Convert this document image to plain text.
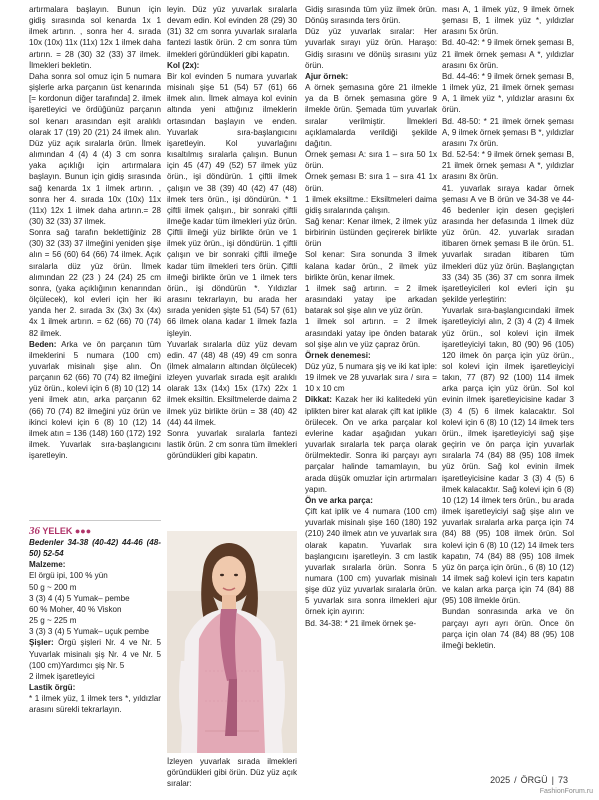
artırmalara başlayın. Bunun için gidiş sırasında sol kenarda 1x 1 ilmek artırın. , sonra her 4. sırada 10x (10x) 11x (11x) 12x 1 ilmek daha artırın. = 28 (30) 32 (33) 37 ilmek. İlmekleri bekletin.

Daha sonra sol omuz için 5 numara şişlerle arka parçanın üst kenarında [= kordonun diğer tarafında] 2. ilmek işaretleyici ve ördüğünüz parçanın sol kenarı arasından eşit aralıklı olarak 17 (19) 20 (21) 24 ilmek alın. Düz yüz açık sıralarla örün. İlmek alımından 4 (4) 4 (4) 3 cm sonra yaka açıklığı için artırmalara başlayın. Bunun için gidiş sırasında sağ kenarda 1x 1 ilmek artırın. , sonra her 4. sırada 10x (10x) 11x (11x) 12x 1 ilmek daha artırın.= 28 (30) 32 (33) 37 ilmek.

Sonra sağ tarafın beklettiğiniz 28 (30) 32 (33) 37 ilmeğini yeniden şişe alın = 56 (60) 64 (66) 74 ilmek. Açık sıralarla düz yüz örün. İlmek alımından 22 (23 ) 24 (24) 25 cm sonra, (yaka açıklığının kenarından ölçülecek), kol evleri için her iki yanda her 2. sırada 3x (3x) 3x (4x) 4x 1 ilmek artırın. = 62 (66) 70 (74) 82 ilmek.

Beden: Arka ve ön parçanın tüm ilmeklerini 5 numara (100 cm) yuvarlak misinalı şişe alın. Ön parçanın 62 (66) 70 (74) 82 ilmeğini yüz örün., kolevi için 6 (8) 10 (12) 14 yeni ilmek atın, arka parçanın 62 (66) 70 (74) 82 ilmeğini yüz örün ve ikinci kolevi için 6 (8) 10 (12) 14 ilmek atın = 136 (148) 160 (172) 192 ilmek. Yuvarlak sıra-başlangıcını işaretleyin.

36 YELEK ●●●

Bedenler 34-38 (40-42) 44-46 (48-50) 52-54

Malzeme:

El örgü ipi, 100 % yün

50 g ~ 200 m

3 (3) 4 (4) 5 Yumak– pembe

60 % Moher, 40 % Viskon

25 g ~ 225 m

3 (3) 3 (4) 5 Yumak– uçuk pembe

Şişler: Örgü şişleri Nr. 4 ve Nr. 5 Yuvarlak misinalı şiş Nr. 4 ve Nr. 5 (100 cm)Yardımcı şiş Nr. 5

2 ilmek işaretleyici

Lastik örgü:

* 1 ilmek yüz, 1 ilmek ters *, yıldızlar arasını sürekli tekrarlayın.

leyin. Düz yüz yuvarlak sıralarla devam edin. Kol evinden 28 (29) 30 (31) 32 cm sonra yuvarlak sıralarla fantezi lastik örün. 2 cm sonra tüm ilmekleri göründükleri gibi kapatın.

Kol (2x):

Bir kol evinden 5 numara yuvarlak misinalı şişe 51 (54) 57 (61) 66 ilmek alın. İlmek almaya kol evinin altında yeni attığınız ilmeklerin ortasından başlayın ve enden. Yuvarlak sıra-başlangıcını işaretleyin. Kol yuvarlağını kısaltılmış sıralarla çalışın. Bunun için 45 (47) 49 (52) 57 ilmek yüz örün., işi döndürün. 1 çiftli ilmek çalışın ve 38 (39) 40 (42) 47 (48) ilmek ters örün., işi döndürün. * 1 çiftli ilmek çalışın., bir sonraki çiftli ilmeğe kadar tüm ilmekleri yüz örün. Çiftli ilmeği yüz birlikte örün ve 1 ilmek yüz örün., işi döndürün. 1 çiftli çalışın ve bir sonraki çiftli ilmeğe kadar tüm ilmekleri ters örün. Çiftli ilmeği birlikte örün ve 1 ilmek ters örün., işi döndürün *. Yıldızlar arasını tekrarlayın, bu arada her sırada yeniden şişte 51 (54) 57 (61) 66 ilmek olana kadar 1 ilmek fazla işleyin.

Yuvarlak sıralarla düz yüz devam edin. 47 (48) 48 (49) 49 cm sonra (ilmek almaların altından ölçülecek) izleyen yuvarlak sırada eşit aralıklı olarak 13x (14x) 15x (17x) 22x 1 ilmek eksiltin. Eksiltmelerde daima 2 ilmek yüz birlikte örün = 38 (40) 42 (44) 44 ilmek.

Sonra yuvarlak sıralarla fantezi lastik örün. 2 cm sonra tüm ilmekleri göründükleri gibi kapatın.

İzleyen yuvarlak sırada ilmekleri göründükleri gibi örün. Düz yüz açık sıralar:

Gidiş sırasında tüm yüz ilmek örün. Dönüş sırasında ters örün.

Düz yüz yuvarlak sıralar: Her yuvarlak sırayı yüz örün. Haraşo: Gidiş sırasını ve dönüş sırasını yüz örün.

Ajur örnek:

A örnek şemasına göre 21 ilmekle ya da B örnek şemasına göre 9 ilmekle örün. Şemada tüm yuvarlak sıralar verilmiştir. İlmekleri açıklamalarda verildiği şekilde dağıtın.

Örnek şeması A: sıra 1 – sıra 50 1x örün.

Örnek şeması B: sıra 1 – sıra 41 1x örün.

1 ilmek eksiltme.: Eksiltmeleri daima gidiş sıralarında çalışın.

Sağ kenar: Kenar ilmek, 2 ilmek yüz birbirinin üstünden geçirerek birlikte örün

Sol kenar: Sıra sonunda 3 ilmek kalana kadar örün., 2 ilmek yüz birlikte örün, kenar ilmek.

1 ilmek sağ artırın. = 2 ilmek arasındaki yatay ipe arkadan batarak sol şişe alın ve yüz örün.

1 ilmek sol artırın. = 2 ilmek arasındaki yatay ipe önden batarak sol şişe alın ve yüz çapraz örün.

Örnek denemesi:

Düz yüz, 5 numara şiş ve iki kat iple: 19 ilmek ve 28 yuvarlak sıra / sıra = 10 x 10 cm

Dikkat: Kazak her iki kalitedeki yün iplikten birer kat alarak çift kat iplikle örülecek. Ön ve arka parçalar kol evlerine kadar aşağıdan yukarı yuvarlak sıralarla tek parça olarak örülmektedir. Sonra iki parçayı ayrı parçalar halinde tamamlayın, bu arada düşük omuzlar için artırmaları yapın.

Ön ve arka parça:

Çift kat iplik ve 4 numara (100 cm) yuvarlak misinalı şişe 160 (180) 192 (210) 240 ilmek atın ve yuvarlak sıra olarak kapatın. Yuvarlak sıra başlangıcını işaretleyin. 3 cm lastik yuvarlak sıralarla örün. Sonra 5 numara (100 cm) yuvarlak misinalı şişe düz yüz yuvarlak sıralarla örün. 5 yuvarlak sıra sonra ilmekleri ajur örnek için ayırın:

Bd. 34-38: * 21 ilmek örnek şe-

ması A, 1 ilmek yüz, 9 ilmek örnek şeması B, 1 ilmek yüz *, yıldızlar arasını 5x örün.

Bd. 40-42: * 9 ilmek örnek şeması B, 21 ilmek örnek şeması A *, yıldızlar arasını 6x örün.

Bd. 44-46: * 9 ilmek örnek şeması B, 1 ilmek yüz, 21 ilmek örnek şeması A, 1 ilmek yüz *, yıldızlar arasını 6x örün.

Bd. 48-50: * 21 ilmek örnek şeması A, 9 ilmek örnek şeması B *, yıldızlar arasını 7x örün.

Bd. 52-54: * 9 ilmek örnek şeması B, 21 ilmek örnek şeması A *, yıldızlar arasını 8x örün.

41. yuvarlak sıraya kadar örnek şeması A ve B örün ve 34-38 ve 44-46 bedenler için desen geçişleri arasında her defasında 1 ilmek düz yüz örün. 42. yuvarlak sıradan itibaren örnek şeması B ile örün. 51. yuvarlak sıradan itibaren tüm ilmekleri düz yüz örün. Başlangıçtan 33 (34) 35 (36) 37 cm sonra ilmek işaretleyicileri kol evleri için şu şekilde yerleştirin:

Yuvarlak sıra-başlangıcındaki ilmek işaretleyiciyi alın, 2 (3) 4 (2) 4 ilmek yüz örün., sol kolevi için ilmek işaretleyiciyi takın, 80 (90) 96 (105) 120 ilmek ön parça için yüz örün., sol kolevi için ilmek işaretleyiciyi takın, 77 (87) 92 (100) 114 ilmek arka parça için yüz örün. Sol kol evinin ilmek işaretleyicisine kadar 3 (3) 4 (5) 6 ilmek kalacaktır. Sol kolevi için 6 (8) 10 (12) 14 ilmek ters örün., ilmek işaretleyiciyi sağ şişe geçirin ve ön parça için yuvarlak sıralarla 74 (84) 88 (95) 108 ilmek yüz örün. Sağ kol evinin ilmek işaretleyicisine kadar 3 (3) 4 (5) 6 ilmek kalacaktır. Sağ kolevi için 6 (8) 10 (12) 14 ilmek ters örün., bu arada ilmek işaretleyiciyi sağ şişe alın ve yuvarlak sıralarla arka parça için 74 (84) 88 (95) 108 ilmek örün. Sol kolevi için 6 (8) 10 (12) 14 ilmek ters kapatın, 74 (84) 88 (95) 108 ilmek yüz ön parça için örün., 6 (8) 10 (12) 14 ilmek sağ kolevi için ters kapatın ve kalan arka parça için 74 (84) 88 (95) 108 ilmekle örün.

Bundan sonrasında arka ve ön parçayı ayrı ayrı örün. Önce ön parça için olan 74 (84) 88 (95) 108 ilmeği bekletin.

2025 / ÖRGÜ | 73
FashionForum.ru
